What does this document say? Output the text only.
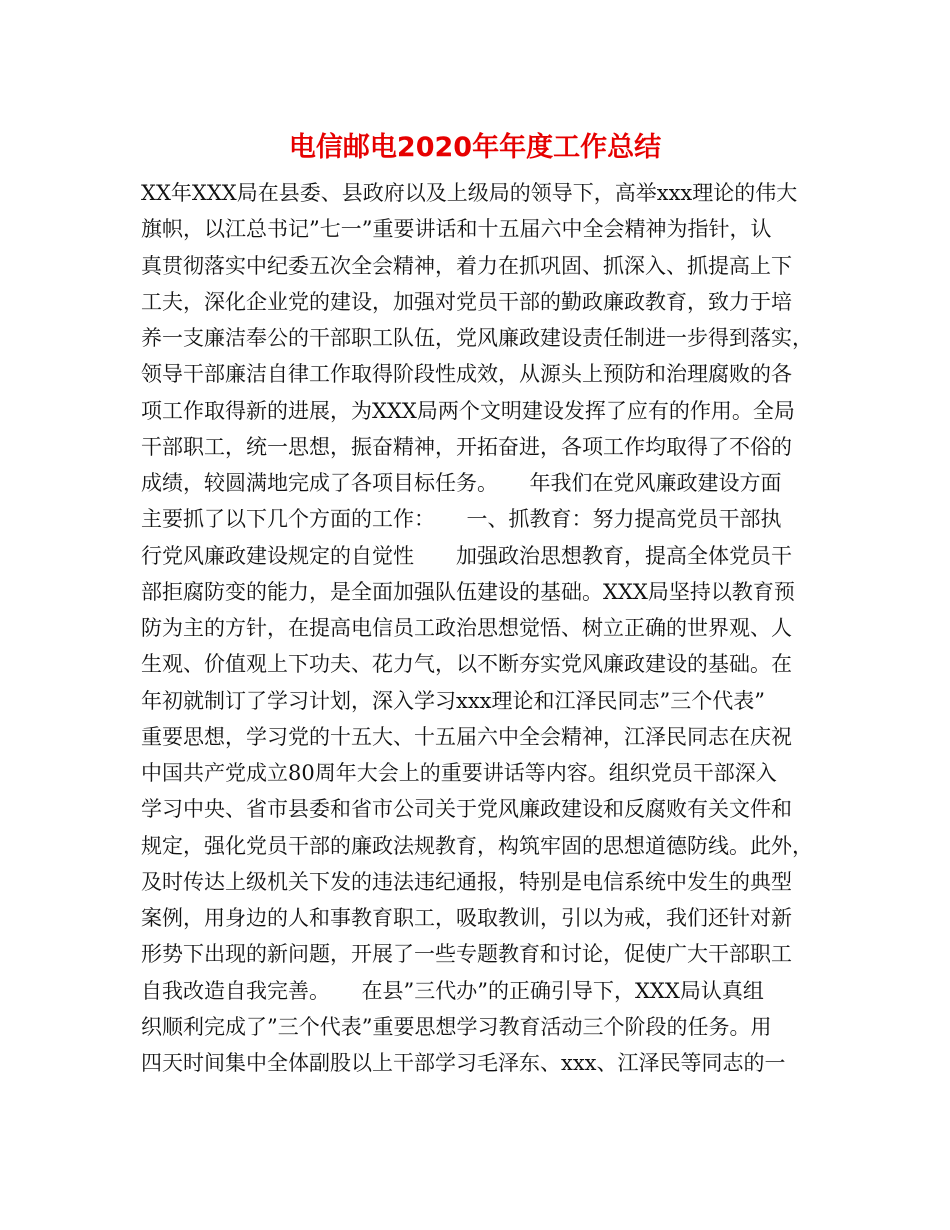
电信邮电2020年年度工作总结
XX年XXX局在县委、县政府以及上级局的领导下，高举xxx理论的伟大
旗帜，以江总书记”七一”重要讲话和十五届六中全会精神为指针，认
真贯彻落实中纪委五次全会精神，着力在抓巩固、抓深入、抓提高上下
工夫，深化企业党的建设，加强对党员干部的勤政廉政教育，致力于培
养一支廉洁奉公的干部职工队伍，党风廉政建设责任制进一步得到落实，
领导干部廉洁自律工作取得阶段性成效，从源头上预防和治理腐败的各
项工作取得新的进展，为XXX局两个文明建设发挥了应有的作用。全局
干部职工，统一思想，振奋精神，开拓奋进，各项工作均取得了不俗的
成绩，较圆满地完成了各项目标任务。　　年我们在党风廉政建设方面
主要抓了以下几个方面的工作：　　一、抓教育：努力提高党员干部执
行党风廉政建设规定的自觉性　　加强政治思想教育，提高全体党员干
部拒腐防变的能力，是全面加强队伍建设的基础。XXX局坚持以教育预
防为主的方针，在提高电信员工政治思想觉悟、树立正确的世界观、人
生观、价值观上下功夫、花力气，以不断夯实党风廉政建设的基础。在
年初就制订了学习计划，深入学习xxx理论和江泽民同志”三个代表”
重要思想，学习党的十五大、十五届六中全会精神，江泽民同志在庆祝
中国共产党成立80周年大会上的重要讲话等内容。组织党员干部深入
学习中央、省市县委和省市公司关于党风廉政建设和反腐败有关文件和
规定，强化党员干部的廉政法规教育，构筑牢固的思想道德防线。此外，
及时传达上级机关下发的违法违纪通报，特别是电信系统中发生的典型
案例，用身边的人和事教育职工，吸取教训，引以为戒，我们还针对新
形势下出现的新问题，开展了一些专题教育和讨论，促使广大干部职工
自我改造自我完善。　　在县”三代办”的正确引导下，XXX局认真组
织顺利完成了”三个代表”重要思想学习教育活动三个阶段的任务。用
四天时间集中全体副股以上干部学习毛泽东、xxx、江泽民等同志的一
